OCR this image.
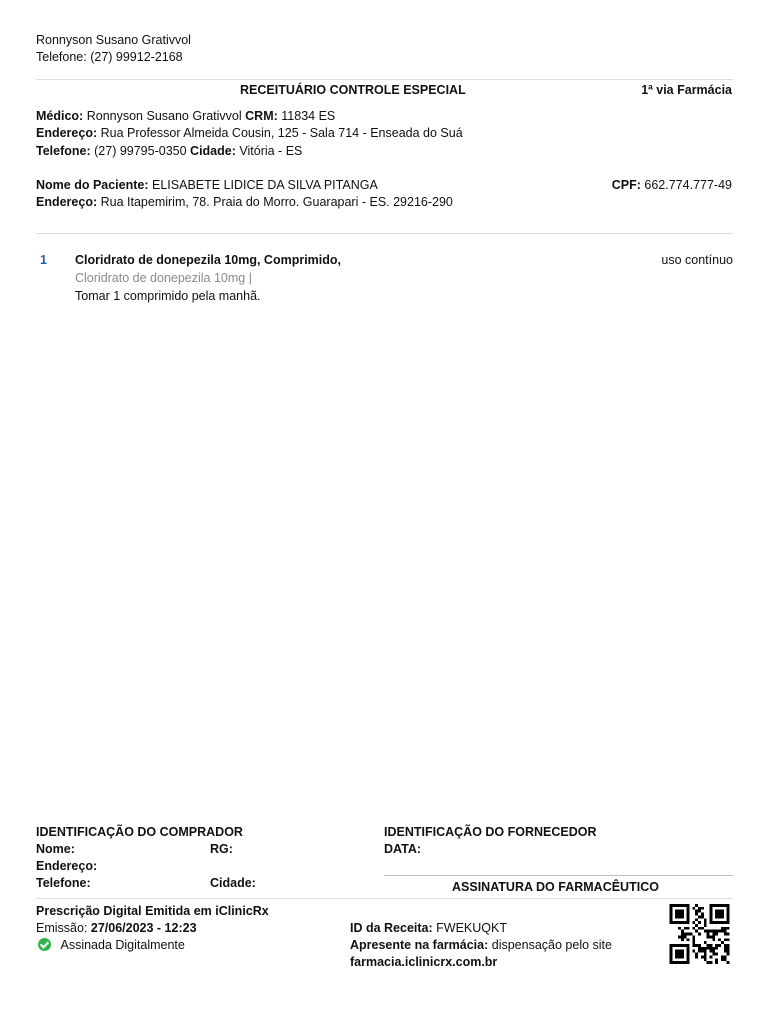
Ronnyson Susano Grativvol
Telefone: (27) 99912-2168
RECEITUÁRIO CONTROLE ESPECIAL	1ª via Farmácia
Médico: Ronnyson Susano Grativvol CRM: 11834 ES
Endereço: Rua Professor Almeida Cousin, 125 - Sala 714 - Enseada do Suá
Telefone: (27) 99795-0350 Cidade: Vitória - ES
Nome do Paciente: ELISABETE LIDICE DA SILVA PITANGA	CPF: 662.774.777-49
Endereço: Rua Itapemirim, 78. Praia do Morro. Guarapari - ES. 29216-290
1 Cloridrato de donepezila 10mg, Comprimido,	uso contínuo
Cloridrato de donepezila 10mg |
Tomar 1 comprimido pela manhã.
IDENTIFICAÇÃO DO COMPRADOR
Nome:	RG:
Endereço:
Telefone:	Cidade:
IDENTIFICAÇÃO DO FORNECEDOR
DATA:
ASSINATURA DO FARMACÊUTICO
Prescrição Digital Emitida em iClinicRx
Emissão: 27/06/2023 - 12:23
Assinada Digitalmente
ID da Receita: FWEKUQKT
Apresente na farmácia: dispensação pelo site
farmacia.iclinicrx.com.br
